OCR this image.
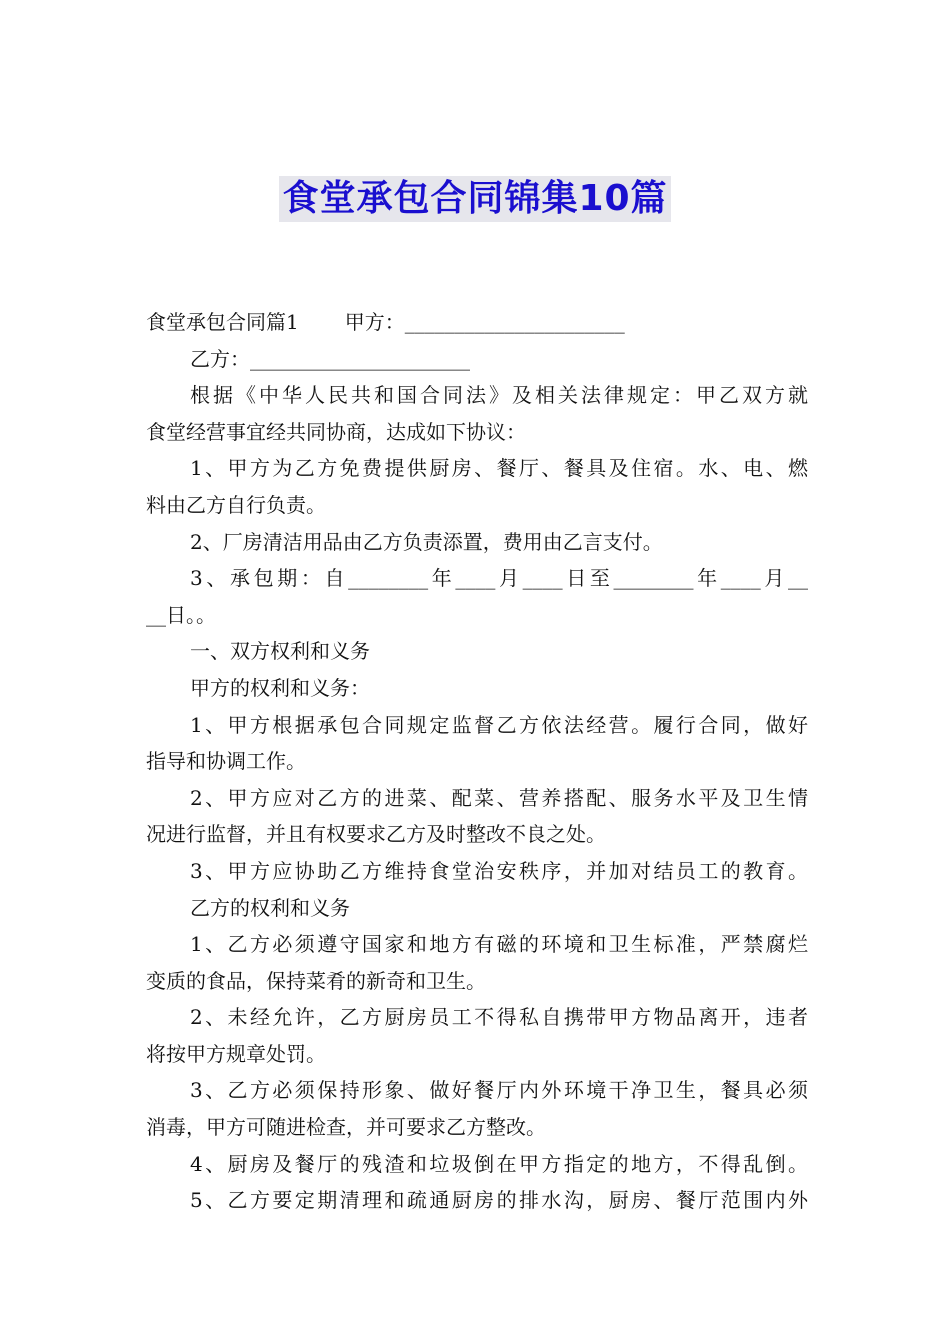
食堂承包合同锦集10篇
食堂承包合同篇1 甲方：______________________
乙方：______________________
根据《中华人民共和国合同法》及相关法律规定：甲乙双方就
食堂经营事宜经共同协商，达成如下协议：
1、甲方为乙方免费提供厨房、餐厅、餐具及住宿。水、电、燃
料由乙方自行负责。
2、厂房清洁用品由乙方负责添置，费用由乙言支付。
3、承包期：自________年____月____日至________年____月__
__日。。
一、双方权利和义务
甲方的权利和义务：
1、甲方根据承包合同规定监督乙方依法经营。履行合同，做好
指导和协调工作。
2、甲方应对乙方的进菜、配菜、营养搭配、服务水平及卫生情
况进行监督，并且有权要求乙方及时整改不良之处。
3、甲方应协助乙方维持食堂治安秩序，并加对结员工的教育。
乙方的权利和义务
1、乙方必须遵守国家和地方有磁的环境和卫生标准，严禁腐烂
变质的食品，保持菜肴的新奇和卫生。
2、未经允许，乙方厨房员工不得私自携带甲方物品离开，违者
将按甲方规章处罚。
3、乙方必须保持形象、做好餐厅内外环境干净卫生，餐具必须
消毒，甲方可随进检查，并可要求乙方整改。
4、厨房及餐厅的残渣和垃圾倒在甲方指定的地方，不得乱倒。
5、乙方要定期清理和疏通厨房的排水沟，厨房、餐厅范围内外
